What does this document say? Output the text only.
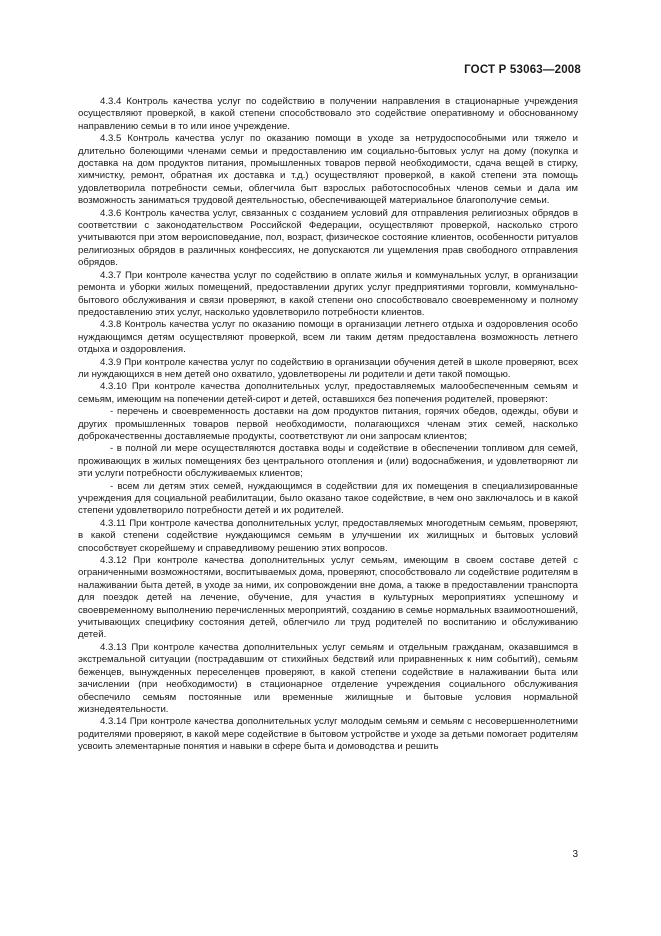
ГОСТ Р 53063—2008

4.3.4 Контроль качества услуг по содействию в получении направления в стационарные учреждения осуществляют проверкой, в какой степени способствовало это содействие оперативному и обоснованному направлению семьи в то или иное учреждение.

4.3.5 Контроль качества услуг по оказанию помощи в уходе за нетрудоспособными или тяжело и длительно болеющими членами семьи и предоставлению им социально-бытовых услуг на дому (покупка и доставка на дом продуктов питания, промышленных товаров первой необходимости, сдача вещей в стирку, химчистку, ремонт, обратная их доставка и т.д.) осуществляют проверкой, в какой степени эта помощь удовлетворила потребности семьи, облегчила быт взрослых работоспособных членов семьи и дала им возможность заниматься трудовой деятельностью, обеспечивающей материальное благополучие семьи.

4.3.6 Контроль качества услуг, связанных с созданием условий для отправления религиозных обрядов в соответствии с законодательством Российской Федерации, осуществляют проверкой, насколько строго учитываются при этом вероисповедание, пол, возраст, физическое состояние клиентов, особенности ритуалов религиозных обрядов в различных конфессиях, не допускаются ли ущемления прав свободного отправления обрядов.

4.3.7 При контроле качества услуг по содействию в оплате жилья и коммунальных услуг, в организации ремонта и уборки жилых помещений, предоставлении других услуг предприятиями торговли, коммунально-бытового обслуживания и связи проверяют, в какой степени оно способствовало своевременному и полному предоставлению этих услуг, насколько удовлетворило потребности клиентов.

4.3.8 Контроль качества услуг по оказанию помощи в организации летнего отдыха и оздоровления особо нуждающимся детям осуществляют проверкой, всем ли таким детям предоставлена возможность летнего отдыха и оздоровления.

4.3.9 При контроле качества услуг по содействию в организации обучения детей в школе проверяют, всех ли нуждающихся в нем детей оно охватило, удовлетворены ли родители и дети такой помощью.

4.3.10 При контроле качества дополнительных услуг, предоставляемых малообеспеченным семьям и семьям, имеющим на попечении детей-сирот и детей, оставшихся без попечения родителей, проверяют:

- перечень и своевременность доставки на дом продуктов питания, горячих обедов, одежды, обуви и других промышленных товаров первой необходимости, полагающихся членам этих семей, насколько доброкачественны доставляемые продукты, соответствуют ли они запросам клиентов;

- в полной ли мере осуществляются доставка воды и содействие в обеспечении топливом для семей, проживающих в жилых помещениях без центрального отопления и (или) водоснабжения, и удовлетворяют ли эти услуги потребности обслуживаемых клиентов;

- всем ли детям этих семей, нуждающимся в содействии для их помещения в специализированные учреждения для социальной реабилитации, было оказано такое содействие, в чем оно заключалось и в какой степени удовлетворило потребности детей и их родителей.

4.3.11 При контроле качества дополнительных услуг, предоставляемых многодетным семьям, проверяют, в какой степени содействие нуждающимся семьям в улучшении их жилищных и бытовых условий способствует скорейшему и справедливому решению этих вопросов.

4.3.12 При контроле качества дополнительных услуг семьям, имеющим в своем составе детей с ограниченными возможностями, воспитываемых дома, проверяют, способствовало ли содействие родителям в налаживании быта детей, в уходе за ними, их сопровождении вне дома, а также в предоставлении транспорта для поездок детей на лечение, обучение, для участия в культурных мероприятиях успешному и своевременному выполнению перечисленных мероприятий, созданию в семье нормальных взаимоотношений, учитывающих специфику состояния детей, облегчило ли труд родителей по воспитанию и обслуживанию детей.

4.3.13 При контроле качества дополнительных услуг семьям и отдельным гражданам, оказавшимся в экстремальной ситуации (пострадавшим от стихийных бедствий или приравненных к ним событий), семьям беженцев, вынужденных переселенцев проверяют, в какой степени содействие в налаживании быта или зачислении (при необходимости) в стационарное отделение учреждения социального обслуживания обеспечило семьям постоянные или временные жилищные и бытовые условия нормальной жизнедеятельности.

4.3.14 При контроле качества дополнительных услуг молодым семьям и семьям с несовершеннолетними родителями проверяют, в какой мере содействие в бытовом устройстве и уходе за детьми помогает родителям усвоить элементарные понятия и навыки в сфере быта и домоводства и решить

3
